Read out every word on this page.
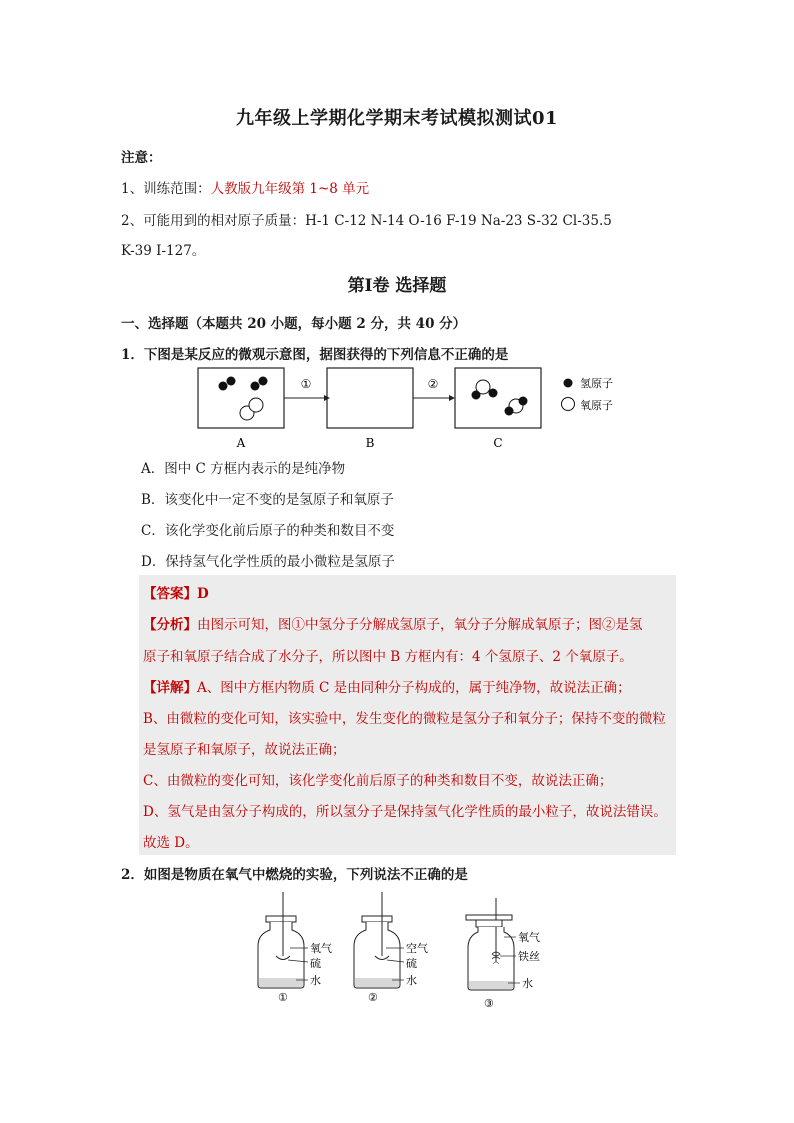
九年级上学期化学期末考试模拟测试01
注意：
1、训练范围：人教版九年级第 1~8 单元
2、可能用到的相对原子质量：H-1 C-12 N-14 O-16 F-19 Na-23 S-32 Cl-35.5
K-39 I-127。
第Ⅰ卷 选择题
一、选择题（本题共 20 小题，每小题 2 分，共 40 分）
1．下图是某反应的微观示意图，据图获得的下列信息不正确的是
A
①
B
②
C
氢原子
氧原子
A．图中 C 方框内表示的是纯净物
B．该变化中一定不变的是氢原子和氧原子
C．该化学变化前后原子的种类和数目不变
D．保持氢气化学性质的最小微粒是氢原子
【答案】D
【分析】由图示可知，图①中氢分子分解成氢原子，氧分子分解成氧原子；图②是氢
原子和氧原子结合成了水分子，所以图中 B 方框内有：4 个氢原子、2 个氧原子。
【详解】A、图中方框内物质 C 是由同种分子构成的，属于纯净物，故说法正确；
B、由微粒的变化可知，该实验中，发生变化的微粒是氢分子和氧分子；保持不变的微粒
是氢原子和氧原子，故说法正确；
C、由微粒的变化可知，该化学变化前后原子的种类和数目不变，故说法正确；
D、氢气是由氢分子构成的，所以氢分子是保持氢气化学性质的最小粒子，故说法错误。
故选 D。
2．如图是物质在氧气中燃烧的实验，下列说法不正确的是
氧气
硫
水
①
空气
硫
水
②
氧气
铁丝
水
③
